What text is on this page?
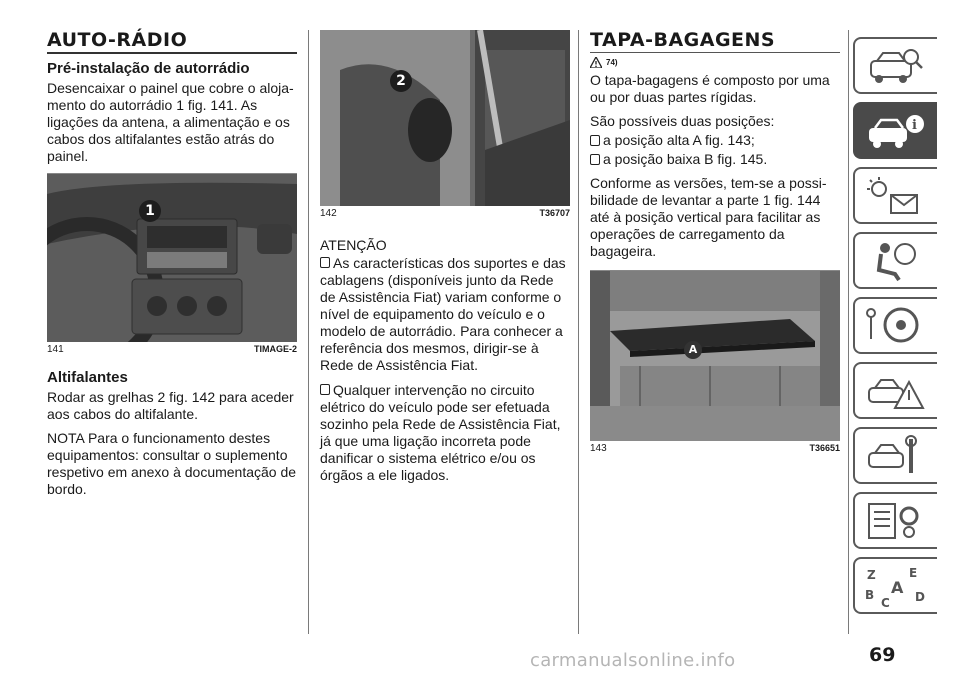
AUTO-RÁDIO
Pré-instalação de autorrádio

Desencaixar o painel que cobre o aloja-mento do autorrádio 1 fig. 141. As ligações da antena, a alimentação e os cabos dos altifalantes estão atrás do painel.

1
141	TIMAGE-2
Altifalantes

Rodar as grelhas 2 fig. 142 para aceder aos cabos do altifalante.

NOTA Para o funcionamento destes equipamentos: consultar o suplemento respetivo em anexo à documentação de bordo.

2
142	T36707

ATENÇÃO

As características dos suportes e das cablagens (disponíveis junto da Rede de Assistência Fiat) variam conforme o nível de equipamento do veículo e o modelo de autorrádio. Para conhecer a referência dos mesmos, dirigir-se à Rede de Assistência Fiat.

Qualquer intervenção no circuito elétrico do veículo pode ser efetuada sozinho pela Rede de Assistência Fiat, já que uma ligação incorreta pode danificar o sistema elétrico e/ou os órgãos a ele ligados.

TAPA-BAGAGENS
74)

O tapa-bagagens é composto por uma ou por duas partes rígidas.

São possíveis duas posições:

a posição alta A fig. 143;
a posição baixa B fig. 145.

Conforme as versões, tem-se a possi-bilidade de levantar a parte 1 fig. 144 até à posição vertical para facilitar as operações de carregamento da bagageira.

A
143	T36651
i
Z	E
B A D
C
69
carmanualsonline.info
